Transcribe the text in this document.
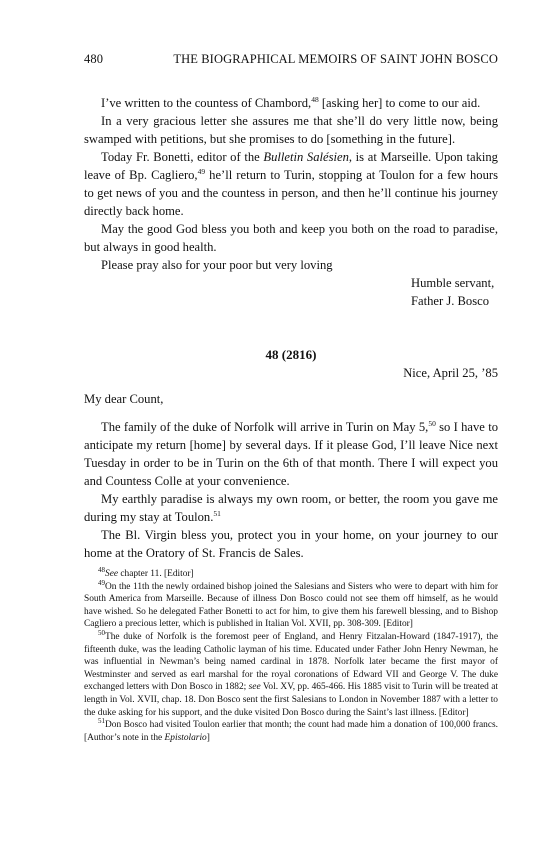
480	THE BIOGRAPHICAL MEMOIRS OF SAINT JOHN BOSCO

I’ve written to the countess of Chambord,$^{48}$ [asking her] to come to our aid.

In a very gracious letter she assures me that she’ll do very little now, being swamped with petitions, but she promises to do [something in the future].

Today Fr. Bonetti, editor of the Bulletin Salésien, is at Marseille. Upon taking leave of Bp. Cagliero,$^{49}$ he’ll return to Turin, stopping at Toulon for a few hours to get news of you and the countess in person, and then he’ll continue his journey directly back home.

May the good God bless you both and keep you both on the road to paradise, but always in good health.

Please pray also for your poor but very loving

Humble servant,
Father J. Bosco
48 (2816)
Nice, April 25, ’85
My dear Count,

The family of the duke of Norfolk will arrive in Turin on May 5,50 so I have to anticipate my return [home] by several days. If it please God, I’ll leave Nice next Tuesday in order to be in Turin on the 6th of that month. There I will expect you and Countess Colle at your convenience.

My earthly paradise is always my own room, or better, the room you gave me during my stay at Toulon.$^{51}$

The Bl. Virgin bless you, protect you in your home, on your journey to our home at the Oratory of St. Francis de Sales.

$^{48}$See chapter 11. [Editor]

$^{49}$On the 11th the newly ordained bishop joined the Salesians and Sisters who were to depart with him for South America from Marseille. Because of illness Don Bosco could not see them off himself, as he would have wished. So he delegated Father Bonetti to act for him, to give them his farewell blessing, and to Bishop Cagliero a precious letter, which is published in Italian Vol. XVII, pp. 308-309. [Editor]

$^{50}$The duke of Norfolk is the foremost peer of England, and Henry Fitzalan-Howard (1847-1917), the fifteenth duke, was the leading Catholic layman of his time. Educated under Father John Henry Newman, he was influential in Newman’s being named cardinal in 1878. Norfolk later became the first mayor of Westminster and served as earl marshal for the royal coronations of Edward VII and George V. The duke exchanged letters with Don Bosco in 1882; see Vol. XV, pp. 465-466. His 1885 visit to Turin will be treated at length in Vol. XVII, chap. 18. Don Bosco sent the first Salesians to London in November 1887 with a letter to the duke asking for his support, and the duke visited Don Bosco during the Saint’s last illness. [Editor]

$^{51}$Don Bosco had visited Toulon earlier that month; the count had made him a donation of 100,000 francs. [Author’s note in the Epistolario]
